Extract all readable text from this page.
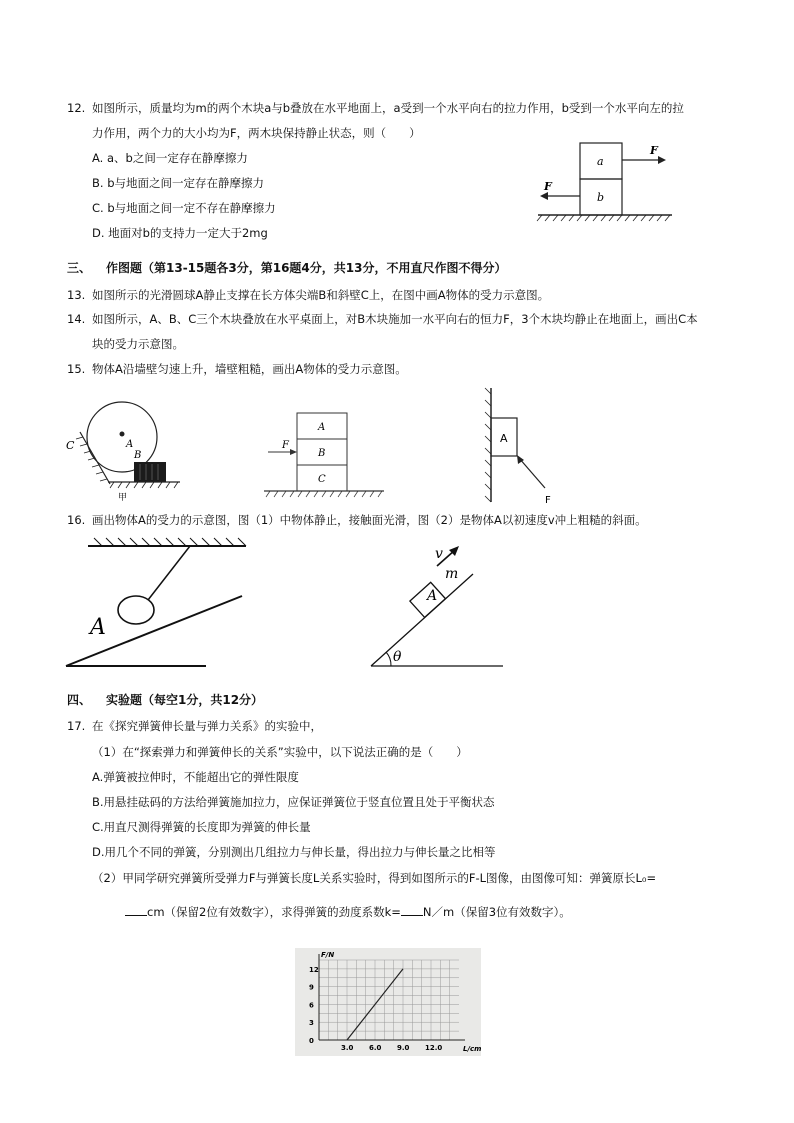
12. 如图所示，质量均为m的两个木块a与b叠放在水平地面上，a受到一个水平向右的拉力作用，b受到一个水平向左的拉
力作用，两个力的大小均为F，两木块保持静止状态，则（　　）
A. a、b之间一定存在静摩擦力
B. b与地面之间一定存在静摩擦力
C. b与地面之间一定不存在静摩擦力
D. 地面对b的支持力一定大于2mg
a
b
F
F
三、 作图题（第13-15题各3分，第16题4分，共13分，不用直尺作图不得分）
13. 如图所示的光滑圆球A静止支撑在长方体尖端B和斜壁C上，在图中画A物体的受力示意图。
14. 如图所示，A、B、C三个木块叠放在水平桌面上，对B木块施加一水平向右的恒力F，3个木块均静止在地面上，画出C本
块的受力示意图。
15. 物体A沿墙壁匀速上升，墙壁粗糙，画出A物体的受力示意图。
A
C
B
甲
A
B
C
F
A
F
16. 画出物体A的受力的示意图，图（1）中物体静止，接触面光滑，图（2）是物体A以初速度v冲上粗糙的斜面。
A
θ
A
m
v
四、 实验题（每空1分，共12分）
17. 在《探究弹簧伸长量与弹力关系》的实验中，
（1）在“探索弹力和弹簧伸长的关系”实验中，以下说法正确的是（　　）
A.弹簧被拉伸时，不能超出它的弹性限度
B.用悬挂砝码的方法给弹簧施加拉力，应保证弹簧位于竖直位置且处于平衡状态
C.用直尺测得弹簧的长度即为弹簧的伸长量
D.用几个不同的弹簧，分别测出几组拉力与伸长量，得出拉力与伸长量之比相等
（2）甲同学研究弹簧所受弹力F与弹簧长度L关系实验时，得到如图所示的F-L图像，由图像可知：弹簧原长L₀=
cm（保留2位有效数字），求得弹簧的劲度系数k= N／m（保留3位有效数字）。
L/cm
F/N
3.0 6.0 9.0 12.0
0
3
6
9
12
